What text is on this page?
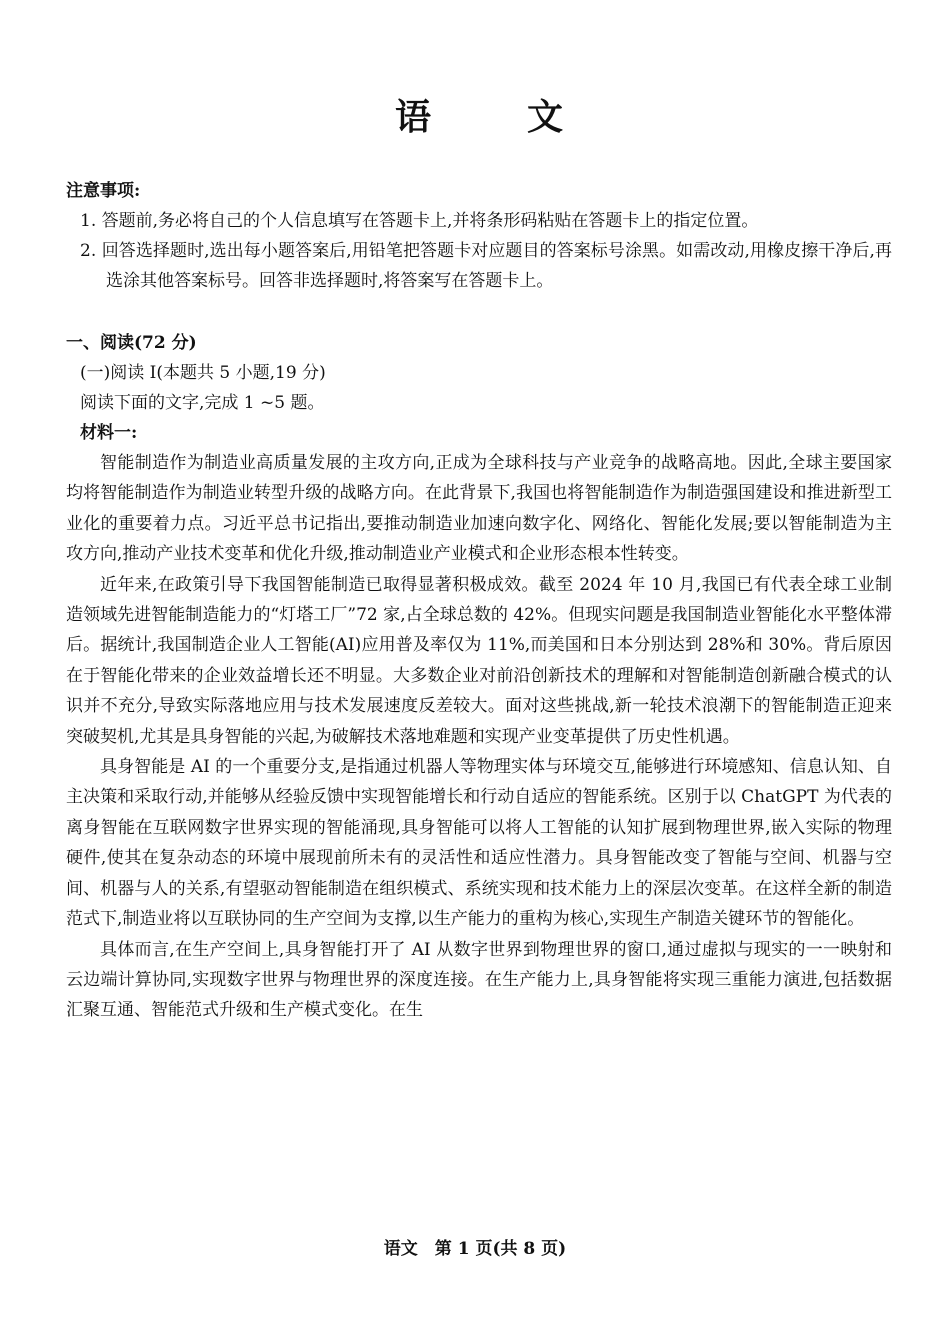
语　文

注意事项:

1. 答题前,务必将自己的个人信息填写在答题卡上,并将条形码粘贴在答题卡上的指定位置。

2. 回答选择题时,选出每小题答案后,用铅笔把答题卡对应题目的答案标号涂黑。如需改动,用橡皮擦干净后,再选涂其他答案标号。回答非选择题时,将答案写在答题卡上。

一、阅读(72 分)

(一)阅读 I(本题共 5 小题,19 分)

阅读下面的文字,完成 1 ~5 题。

材料一:

智能制造作为制造业高质量发展的主攻方向,正成为全球科技与产业竞争的战略高地。因此,全球主要国家均将智能制造作为制造业转型升级的战略方向。在此背景下,我国也将智能制造作为制造强国建设和推进新型工业化的重要着力点。习近平总书记指出,要推动制造业加速向数字化、网络化、智能化发展;要以智能制造为主攻方向,推动产业技术变革和优化升级,推动制造业产业模式和企业形态根本性转变。

近年来,在政策引导下我国智能制造已取得显著积极成效。截至 2024 年 10 月,我国已有代表全球工业制造领域先进智能制造能力的“灯塔工厂”72 家,占全球总数的 42%。但现实问题是我国制造业智能化水平整体滞后。据统计,我国制造企业人工智能(AI)应用普及率仅为 11%,而美国和日本分别达到 28%和 30%。背后原因在于智能化带来的企业效益增长还不明显。大多数企业对前沿创新技术的理解和对智能制造创新融合模式的认识并不充分,导致实际落地应用与技术发展速度反差较大。面对这些挑战,新一轮技术浪潮下的智能制造正迎来突破契机,尤其是具身智能的兴起,为破解技术落地难题和实现产业变革提供了历史性机遇。

具身智能是 AI 的一个重要分支,是指通过机器人等物理实体与环境交互,能够进行环境感知、信息认知、自主决策和采取行动,并能够从经验反馈中实现智能增长和行动自适应的智能系统。区别于以 ChatGPT 为代表的离身智能在互联网数字世界实现的智能涌现,具身智能可以将人工智能的认知扩展到物理世界,嵌入实际的物理硬件,使其在复杂动态的环境中展现前所未有的灵活性和适应性潜力。具身智能改变了智能与空间、机器与空间、机器与人的关系,有望驱动智能制造在组织模式、系统实现和技术能力上的深层次变革。在这样全新的制造范式下,制造业将以互联协同的生产空间为支撑,以生产能力的重构为核心,实现生产制造关键环节的智能化。

具体而言,在生产空间上,具身智能打开了 AI 从数字世界到物理世界的窗口,通过虚拟与现实的一一映射和云边端计算协同,实现数字世界与物理世界的深度连接。在生产能力上,具身智能将实现三重能力演进,包括数据汇聚互通、智能范式升级和生产模式变化。在生

语文　第 1 页(共 8 页)
